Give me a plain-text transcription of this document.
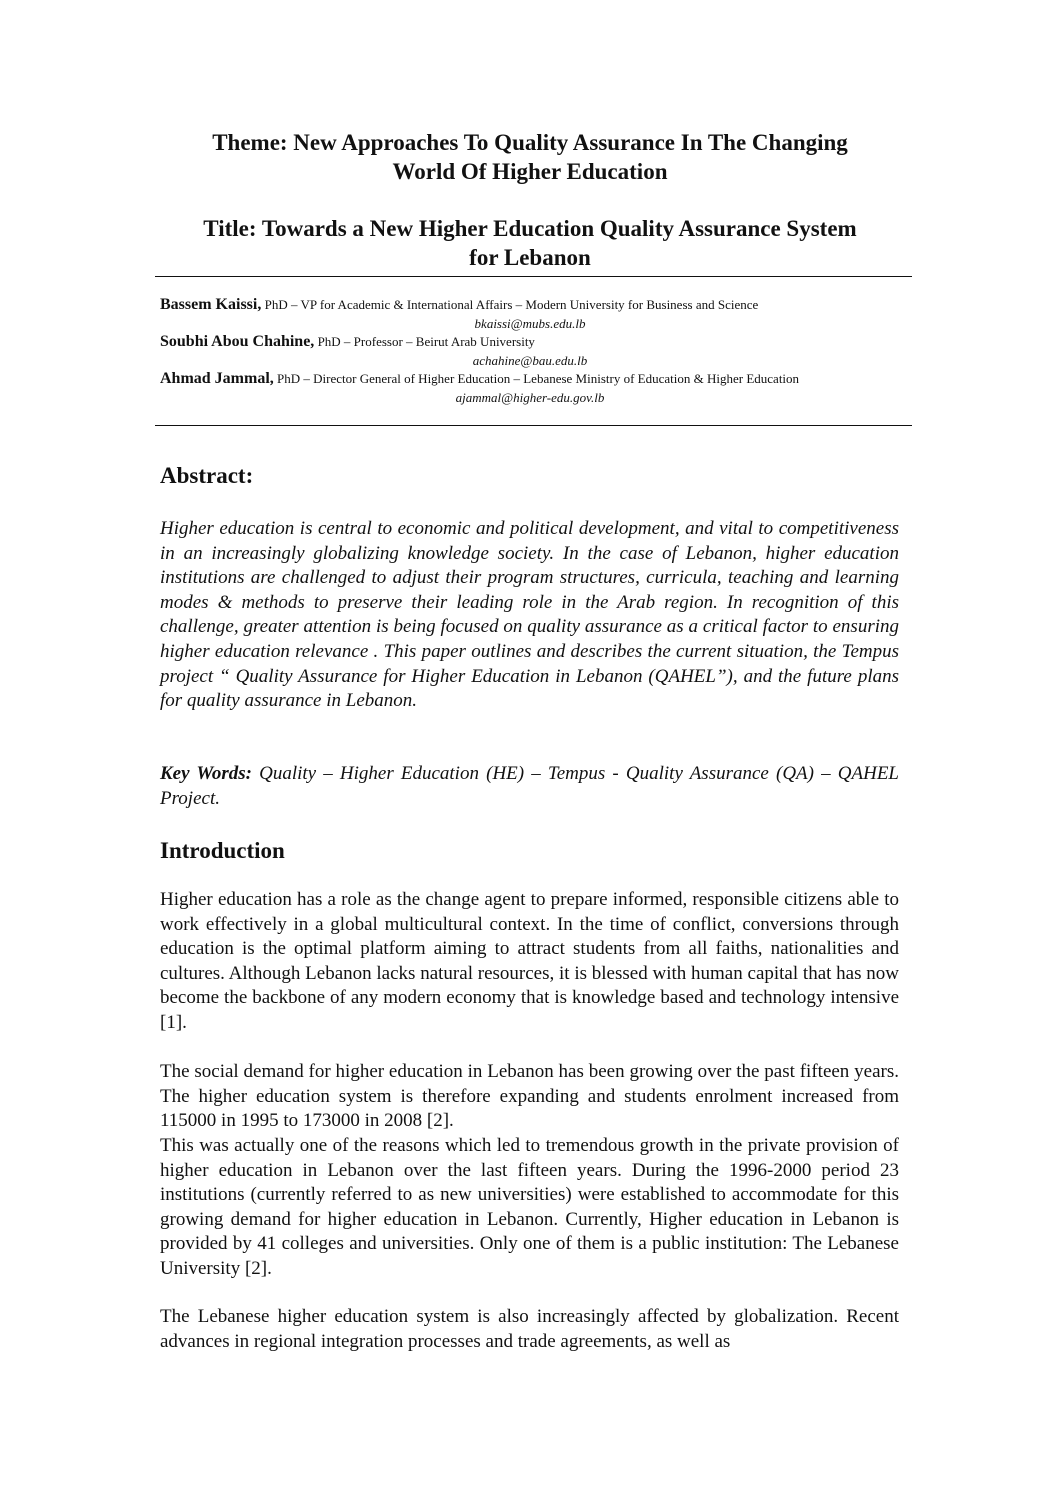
Theme: New Approaches To Quality Assurance In The Changing
World Of Higher Education

Title: Towards a New Higher Education Quality Assurance System
for Lebanon

Bassem Kaissi, PhD – VP for Academic & International Affairs – Modern University for Business and Science
bkaissi@mubs.edu.lb
Soubhi Abou Chahine, PhD – Professor – Beirut Arab University
achahine@bau.edu.lb
Ahmad Jammal, PhD – Director General of Higher Education – Lebanese Ministry of Education & Higher Education
ajammal@higher-edu.gov.lb
Abstract:

Higher education is central to economic and political development, and vital to competitiveness in an increasingly globalizing knowledge society. In the case of Lebanon, higher education institutions are challenged to adjust their program structures, curricula, teaching and learning modes & methods to preserve their leading role in the Arab region. In recognition of this challenge, greater attention is being focused on quality assurance as a critical factor to ensuring higher education relevance . This paper outlines and describes the current situation, the Tempus project “ Quality Assurance for Higher Education in Lebanon (QAHEL”), and the future plans for quality assurance in Lebanon.

Key Words: Quality – Higher Education (HE) – Tempus - Quality Assurance (QA) – QAHEL Project.

Introduction

Higher education has a role as the change agent to prepare informed, responsible citizens able to work effectively in a global multicultural context. In the time of conflict, conversions through education is the optimal platform aiming to attract students from all faiths, nationalities and cultures. Although Lebanon lacks natural resources, it is blessed with human capital that has now become the backbone of any modern economy that is knowledge based and technology intensive [1].

The social demand for higher education in Lebanon has been growing over the past fifteen years. The higher education system is therefore expanding and students enrolment increased from 115000 in 1995 to 173000 in 2008 [2].

This was actually one of the reasons which led to tremendous growth in the private provision of higher education in Lebanon over the last fifteen years. During the 1996-2000 period 23 institutions (currently referred to as new universities) were established to accommodate for this growing demand for higher education in Lebanon. Currently, Higher education in Lebanon is provided by 41 colleges and universities. Only one of them is a public institution: The Lebanese University [2].

The Lebanese higher education system is also increasingly affected by globalization. Recent advances in regional integration processes and trade agreements, as well as
